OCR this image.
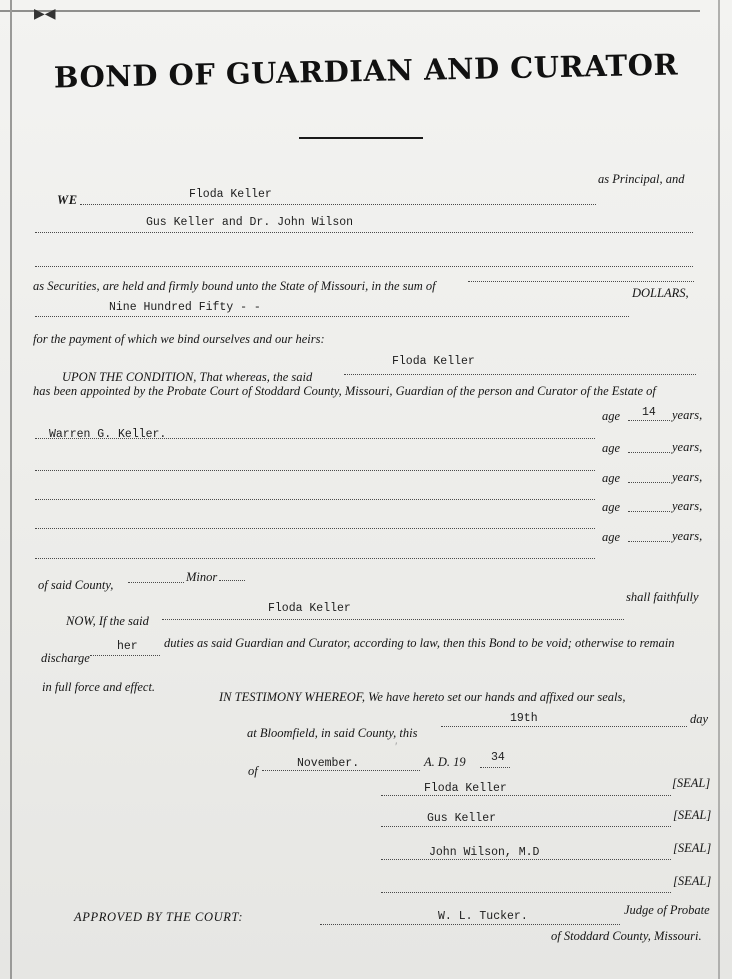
▶◀
BOND OF GUARDIAN AND CURATOR
WE	Floda Keller
as Principal, and
Gus Keller and Dr. John Wilson
as Securities, are held and firmly bound unto the State of Missouri, in the sum of
Nine Hundred Fifty - -
DOLLARS,
for the payment of which we bind ourselves and our heirs:
UPON THE CONDITION, That whereas, the said
Floda Keller
has been appointed by the Probate Court of Stoddard County, Missouri, Guardian of the person and Curator of the Estate of
Warren G. Keller.
age 14 years,
age	years,
age	years,
age	years,
age	years,
of said County,
Minor
NOW, If the said
Floda Keller
shall faithfully
discharge
her duties as said Guardian and Curator, according to law, then this Bond to be void; otherwise to remain
in full force and effect.
IN TESTIMONY WHEREOF, We have hereto set our hands and affixed our seals,
at Bloomfield, in said County, this
19th	day
′
of
November.	A. D. 19 34
Floda Keller	[SEAL]
Gus Keller	[SEAL]
John Wilson, M.D	[SEAL]
[SEAL]
APPROVED BY THE COURT:	W. L. Tucker.	Judge of Probate
of Stoddard County, Missouri.
